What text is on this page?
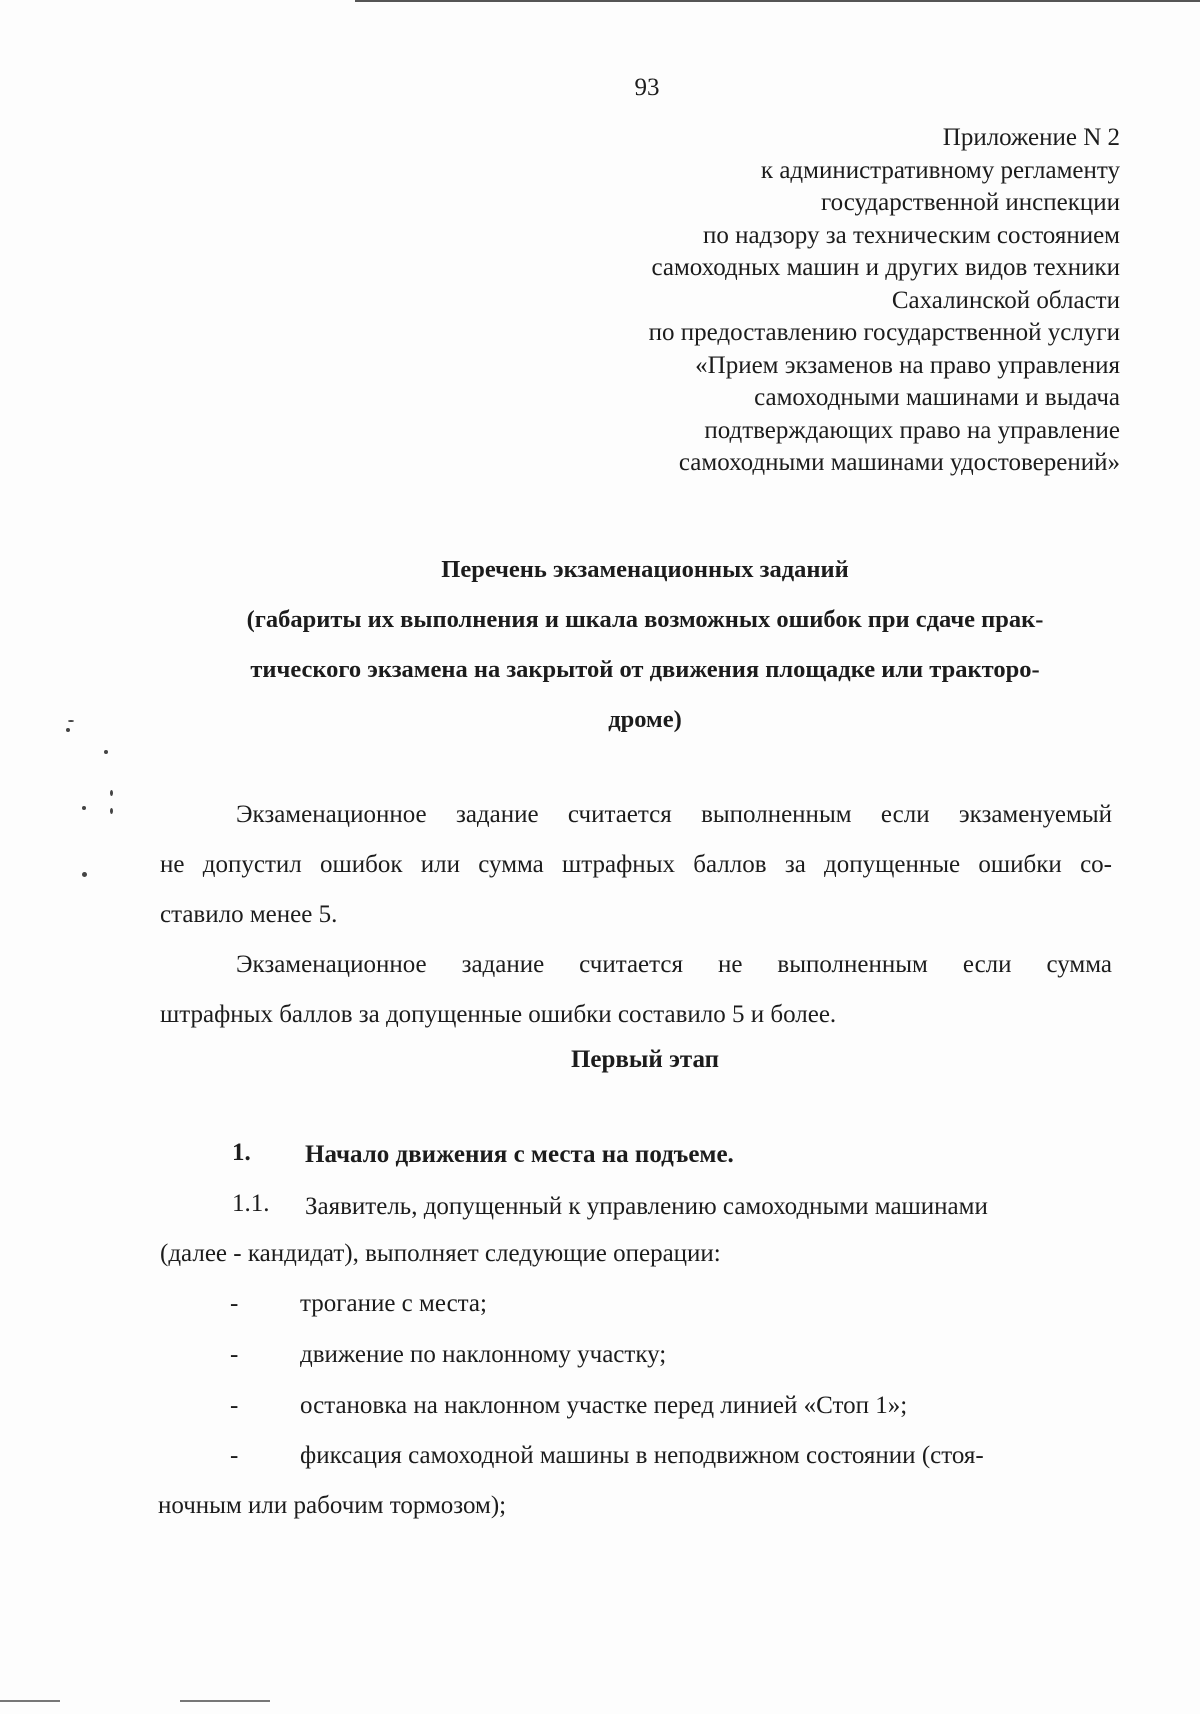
93
Приложение N 2
к административному регламенту
государственной инспекции
по надзору за техническим состоянием
самоходных машин и других видов техники
Сахалинской области
по предоставлению государственной услуги
«Прием экзаменов на право управления
самоходными машинами и выдача
подтверждающих право на управление
самоходными машинами удостоверений»
Перечень экзаменационных заданий
(габариты их выполнения и шкала возможных ошибок при сдаче прак-
тического экзамена на закрытой от движения площадке или тракторо-
дроме)
Экзаменационное задание считается выполненным если экзаменуемый
не допустил ошибок или сумма штрафных баллов за допущенные ошибки со-
ставило менее 5.
Экзаменационное задание считается не выполненным если сумма
штрафных баллов за допущенные ошибки составило 5 и более.
Первый этап
1. Начало движения с места на подъеме.
1.1. Заявитель, допущенный к управлению самоходными машинами
(далее - кандидат), выполняет следующие операции:
- трогание с места;
- движение по наклонному участку;
- остановка на наклонном участке перед линией «Стоп 1»;
- фиксация самоходной машины в неподвижном состоянии (стоя-
ночным или рабочим тормозом);
